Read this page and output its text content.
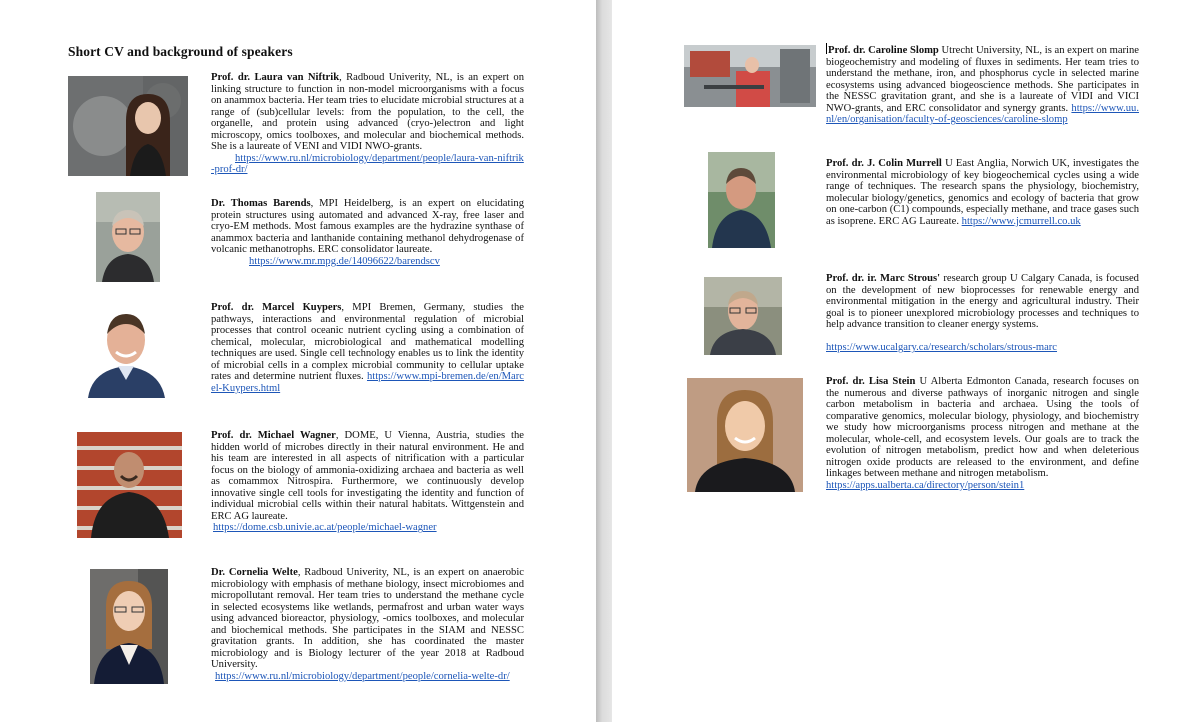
Short CV and background of speakers

Prof. dr. Laura van Niftrik, Radboud Univerity, NL, is an expert on linking structure to function in non-model microorganisms with a focus on anammox bacteria. Her team tries to elucidate microbial structures at a range of (sub)cellular levels: from the population, to the cell, the organelle, and protein using advanced (cryo-)electron and light microscopy, omics toolboxes, and molecular and biochemical methods. She is a laureate of VENI and VIDI NWO-grants.
https://www.ru.nl/microbiology/department/people/laura-van-niftrik-prof-dr/

Dr. Thomas Barends, MPI Heidelberg, is an expert on elucidating protein structures using automated and advanced X-ray, free laser and cryo-EM methods. Most famous examples are the hydrazine synthase of anammox bacteria and lanthanide containing methanol dehydrogenase of volcanic methanotrophs. ERC consolidator laureate.
https://www.mr.mpg.de/14096622/barendscv

Prof. dr. Marcel Kuypers, MPI Bremen, Germany, studies the pathways, interactions and environmental regulation of microbial processes that control oceanic nutrient cycling using a combination of chemical, molecular, microbiological and mathematical modelling techniques are used. Single cell technology enables us to link the identity of microbial cells in a complex microbial community to cellular uptake rates and determine nutrient fluxes. https://www.mpi-bremen.de/en/Marcel-Kuypers.html

Prof. dr. Michael Wagner, DOME, U Vienna, Austria, studies the hidden world of microbes directly in their natural environment. He and his team are interested in all aspects of nitrification with a particular focus on the biology of ammonia-oxidizing archaea and bacteria as well as comammox Nitrospira. Furthermore, we continuously develop innovative single cell tools for investigating the identity and function of individual microbial cells within their natural habitats. Wittgenstein and ERC AG laureate.
https://dome.csb.univie.ac.at/people/michael-wagner

Dr. Cornelia Welte, Radboud Univerity, NL, is an expert on anaerobic microbiology with emphasis of methane biology, insect microbiomes and micropollutant removal. Her team tries to understand the methane cycle in selected ecosystems like wetlands, permafrost and urban water ways using advanced bioreactor, physiology, -omics toolboxes, and molecular and biochemical methods. She participates in the SIAM and NESSC gravitation grants. In addition, she has coordinated the master microbiology and is Biology lecturer of the year 2018 at Radboud University.
https://www.ru.nl/microbiology/department/people/cornelia-welte-dr/

Prof. dr. Caroline Slomp Utrecht University, NL, is an expert on marine biogeochemistry and modeling of fluxes in sediments. Her team tries to understand the methane, iron, and phosphorus cycle in selected marine ecosystems using advanced biogeoscience methods. She participates in the NESSC gravitation grant, and she is a laureate of VIDI and VICI NWO-grants, and ERC consolidator and synergy grants. https://www.uu.nl/en/organisation/faculty-of-geosciences/caroline-slomp

Prof. dr. J. Colin Murrell U East Anglia, Norwich UK, investigates the environmental microbiology of key biogeochemical cycles using a wide range of techniques. The research spans the physiology, biochemistry, molecular biology/genetics, genomics and ecology of bacteria that grow on one-carbon (C1) compounds, especially methane, and trace gases such as isoprene. ERC AG Laureate. https://www.jcmurrell.co.uk

Prof. dr. ir. Marc Strous' research group U Calgary Canada, is focused on the development of new bioprocesses for renewable energy and environmental mitigation in the energy and agricultural industry. Their goal is to pioneer unexplored microbiology processes and techniques to help advance transition to cleaner energy systems.

https://www.ucalgary.ca/research/scholars/strous-marc

Prof. dr. Lisa Stein U Alberta Edmonton Canada, research focuses on the numerous and diverse pathways of inorganic nitrogen and single carbon metabolism in bacteria and archaea. Using the tools of comparative genomics, molecular biology, physiology, and biochemistry we study how microorganisms process nitrogen and methane at the molecular, whole-cell, and ecosystem levels. Our goals are to track the evolution of nitrogen metabolism, predict how and when deleterious nitrogen oxide products are released to the environment, and define linkages between methane and nitrogen metabolism.
https://apps.ualberta.ca/directory/person/stein1
